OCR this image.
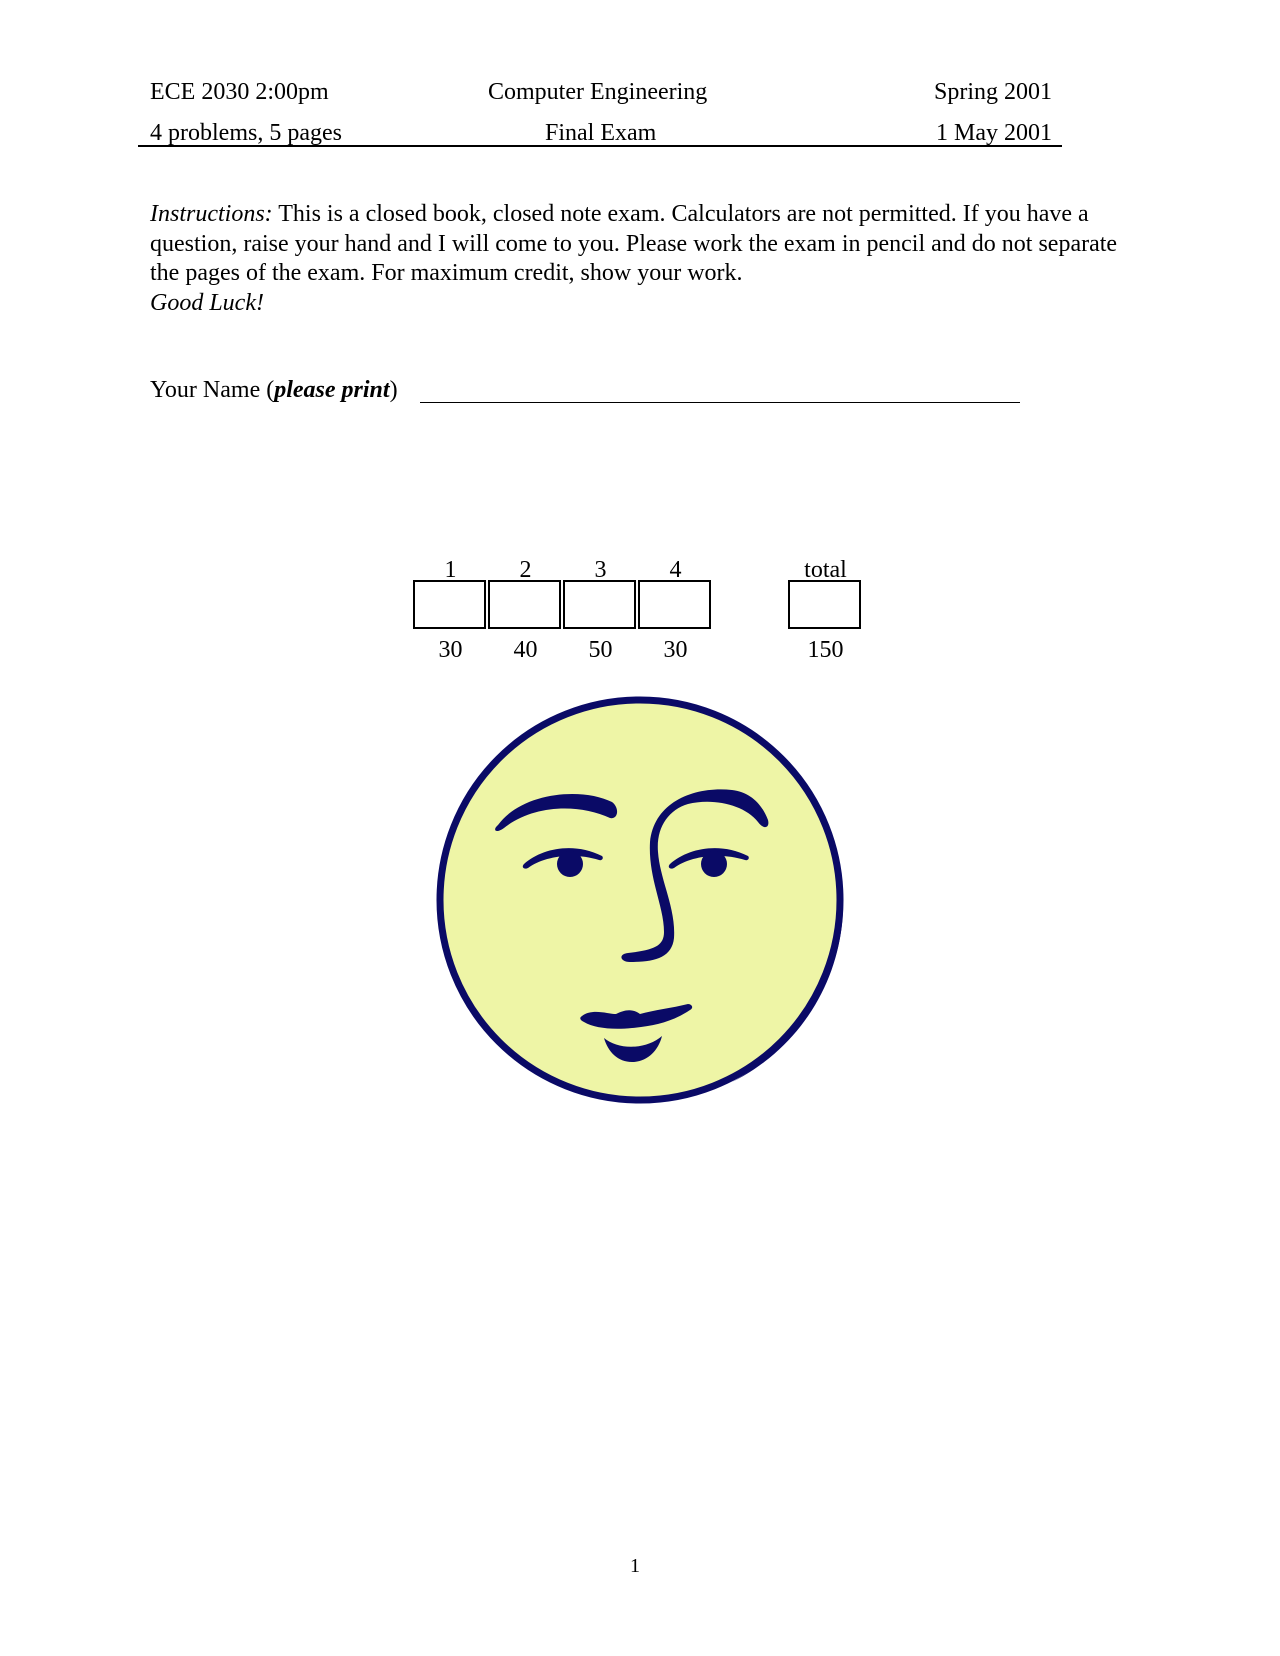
ECE 2030 2:00pm	Computer Engineering	Spring 2001
4 problems, 5 pages	Final Exam	1 May 2001
Instructions: This is a closed book, closed note exam. Calculators are not permitted. If you have a question, raise your hand and I will come to you. Please work the exam in pencil and do not separate the pages of the exam. For maximum credit, show your work.
Good Luck!
Your Name (please print)
1	2	3	4	total
30	40	50	30	150
1
